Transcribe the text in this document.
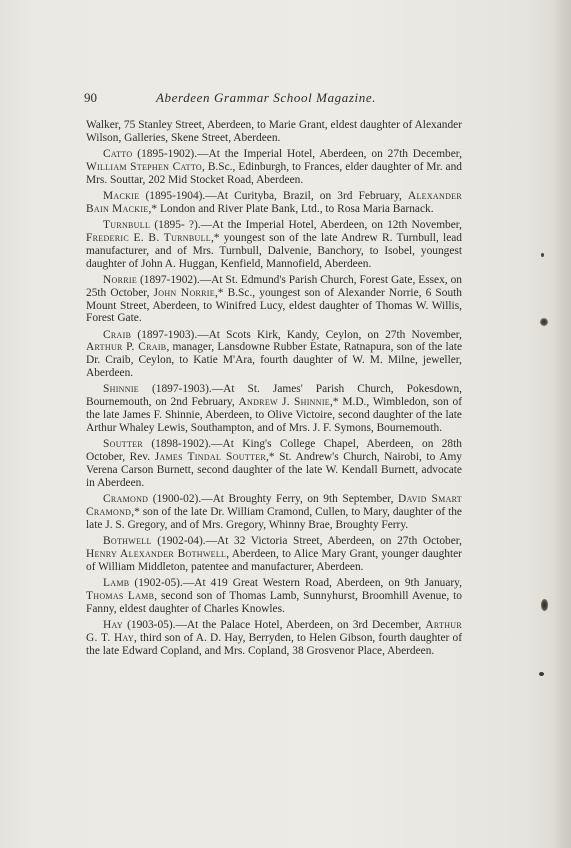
90	Aberdeen Grammar School Magazine.

Walker, 75 Stanley Street, Aberdeen, to Marie Grant, eldest daughter of Alexander Wilson, Galleries, Skene Street, Aberdeen.

Catto (1895-1902).—At the Imperial Hotel, Aberdeen, on 27th December, William Stephen Catto, B.Sc., Edinburgh, to Frances, elder daughter of Mr. and Mrs. Souttar, 202 Mid Stocket Road, Aberdeen.

Mackie (1895-1904).—At Curityba, Brazil, on 3rd February, Alexander Bain Mackie,* London and River Plate Bank, Ltd., to Rosa Maria Barnack.

Turnbull (1895- ?).—At the Imperial Hotel, Aberdeen, on 12th November, Frederic E. B. Turnbull,* youngest son of the late Andrew R. Turnbull, lead manufacturer, and of Mrs. Turnbull, Dalvenie, Banchory, to Isobel, youngest daughter of John A. Huggan, Kenfield, Mannofield, Aberdeen.

Norrie (1897-1902).—At St. Edmund's Parish Church, Forest Gate, Essex, on 25th October, John Norrie,* B.Sc., youngest son of Alexander Norrie, 6 South Mount Street, Aberdeen, to Winifred Lucy, eldest daughter of Thomas W. Willis, Forest Gate.

Craib (1897-1903).—At Scots Kirk, Kandy, Ceylon, on 27th November, Arthur P. Craib, manager, Lansdowne Rubber Estate, Ratnapura, son of the late Dr. Craib, Ceylon, to Katie M'Ara, fourth daughter of W. M. Milne, jeweller, Aberdeen.

Shinnie (1897-1903).—At St. James' Parish Church, Pokesdown, Bournemouth, on 2nd February, Andrew J. Shinnie,* M.D., Wimbledon, son of the late James F. Shinnie, Aberdeen, to Olive Victoire, second daughter of the late Arthur Whaley Lewis, Southampton, and of Mrs. J. F. Symons, Bournemouth.

Soutter (1898-1902).—At King's College Chapel, Aberdeen, on 28th October, Rev. James Tindal Soutter,* St. Andrew's Church, Nairobi, to Amy Verena Carson Burnett, second daughter of the late W. Kendall Burnett, advocate in Aberdeen.

Cramond (1900-02).—At Broughty Ferry, on 9th September, David Smart Cramond,* son of the late Dr. William Cramond, Cullen, to Mary, daughter of the late J. S. Gregory, and of Mrs. Gregory, Whinny Brae, Broughty Ferry.

Bothwell (1902-04).—At 32 Victoria Street, Aberdeen, on 27th October, Henry Alexander Bothwell, Aberdeen, to Alice Mary Grant, younger daughter of William Middleton, patentee and manufacturer, Aberdeen.

Lamb (1902-05).—At 419 Great Western Road, Aberdeen, on 9th January, Thomas Lamb, second son of Thomas Lamb, Sunnyhurst, Broomhill Avenue, to Fanny, eldest daughter of Charles Knowles.

Hay (1903-05).—At the Palace Hotel, Aberdeen, on 3rd December, Arthur G. T. Hay, third son of A. D. Hay, Berryden, to Helen Gibson, fourth daughter of the late Edward Copland, and Mrs. Copland, 38 Grosvenor Place, Aberdeen.
